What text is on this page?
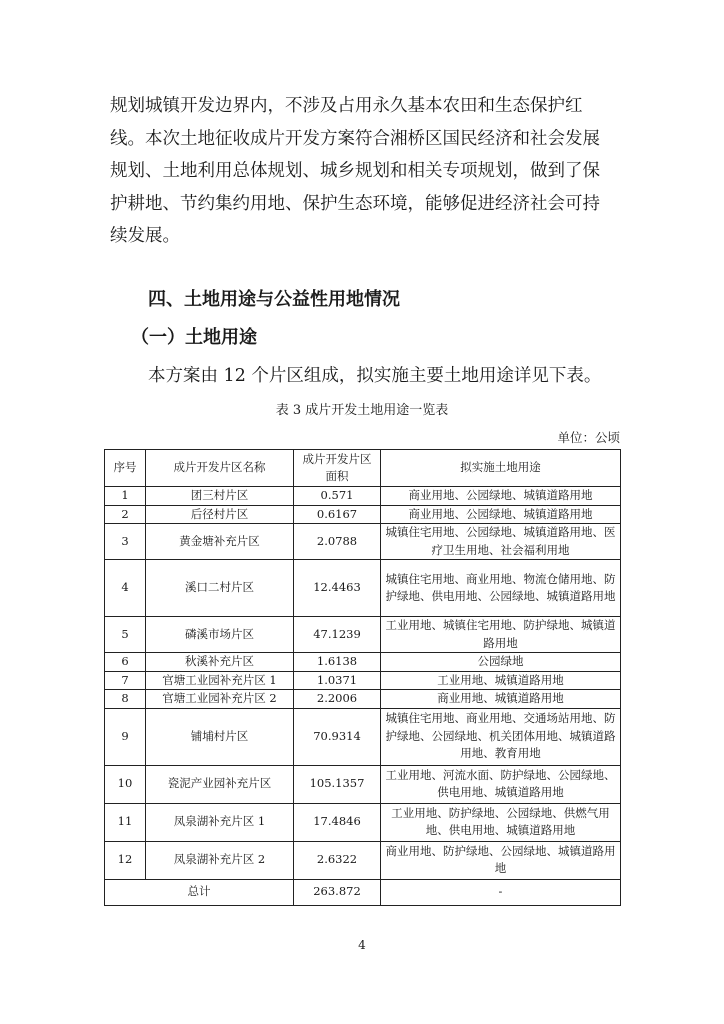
规划城镇开发边界内，不涉及占用永久基本农田和生态保护红
线。本次土地征收成片开发方案符合湘桥区国民经济和社会发展
规划、土地利用总体规划、城乡规划和相关专项规划，做到了保
护耕地、节约集约用地、保护生态环境，能够促进经济社会可持
续发展。
四、土地用途与公益性用地情况
（一）土地用途
本方案由 12 个片区组成，拟实施主要土地用途详见下表。
表 3 成片开发土地用途一览表
单位：公顷
序号	成片开发片区名称	成片开发片区面积	拟实施土地用途
1	团三村片区	0.571	商业用地、公园绿地、城镇道路用地
2	后径村片区	0.6167	商业用地、公园绿地、城镇道路用地
3	黄金塘补充片区	2.0788	城镇住宅用地、公园绿地、城镇道路用地、医疗卫生用地、社会福利用地
4	溪口二村片区	12.4463	城镇住宅用地、商业用地、物流仓储用地、防护绿地、供电用地、公园绿地、城镇道路用地
5	磷溪市场片区	47.1239	工业用地、城镇住宅用地、防护绿地、城镇道路用地
6	秋溪补充片区	1.6138	公园绿地
7	官塘工业园补充片区 1	1.0371	工业用地、城镇道路用地
8	官塘工业园补充片区 2	2.2006	商业用地、城镇道路用地
9	铺埔村片区	70.9314	城镇住宅用地、商业用地、交通场站用地、防护绿地、公园绿地、机关团体用地、城镇道路用地、教育用地
10	瓷泥产业园补充片区	105.1357	工业用地、河流水面、防护绿地、公园绿地、供电用地、城镇道路用地
11	凤泉湖补充片区 1	17.4846	工业用地、防护绿地、公园绿地、供燃气用地、供电用地、城镇道路用地
12	凤泉湖补充片区 2	2.6322	商业用地、防护绿地、公园绿地、城镇道路用地
总计		263.872	-
4
